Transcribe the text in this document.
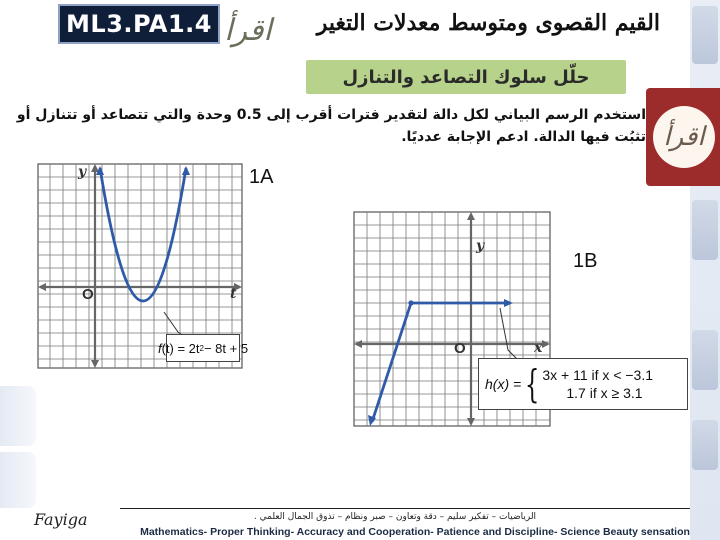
ML3.PA1.4 اقرأ	القيم القصوى ومتوسط معدلات التغير
حلّل سلوك التصاعد والتنازل
اقرأ
استخدم الرسم البياني لكل دالة لتقدير فترات أقرب إلى 0.5 وحدة والتي تتصاعد أو تتنازل أو
تثبُت فيها الدالة. ادعم الإجابة عدديًا.
y
t
O
f (t) = 2t 2 − 8t + 5
1A
y
x
O
1B
h(x) = { 3x + 11 if x < −3.1
1.7 if x ≥ 3.1
Fayiga	الرياضيات – تفكير سليم – دقة وتعاون – صبر ونظام – تذوق الجمال العلمي .
Mathematics- Proper Thinking- Accuracy and Cooperation- Patience and Discipline- Science Beauty sensation
